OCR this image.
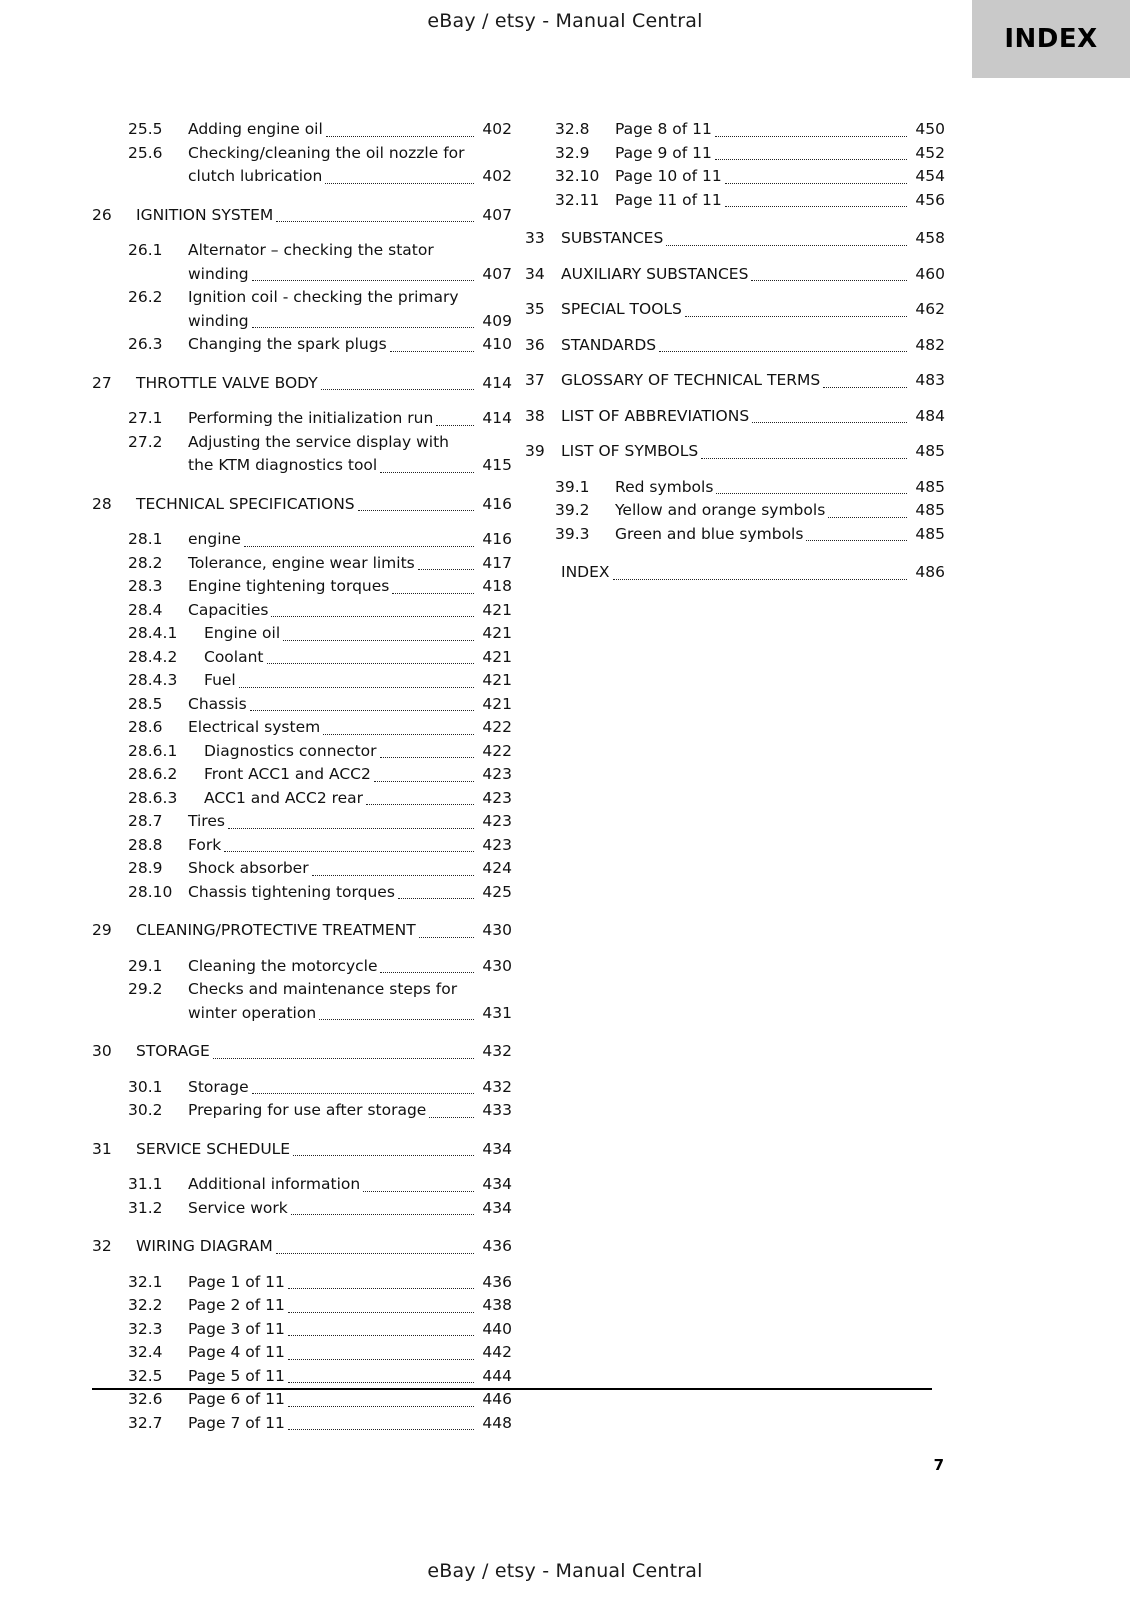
eBay / etsy - Manual Central
INDEX
25.5	Adding engine oil	402
25.6	Checking/cleaning the oil nozzle for
clutch lubrication	402
26	IGNITION SYSTEM	407
26.1	Alternator – checking the stator
winding	407
26.2	Ignition coil - checking the primary
winding	409
26.3	Changing the spark plugs	410
27	THROTTLE VALVE BODY	414
27.1	Performing the initialization run	414
27.2	Adjusting the service display with
the KTM diagnostics tool	415
28	TECHNICAL SPECIFICATIONS	416
28.1	engine	416
28.2	Tolerance, engine wear limits	417
28.3	Engine tightening torques	418
28.4	Capacities	421
28.4.1	Engine oil	421
28.4.2	Coolant	421
28.4.3	Fuel	421
28.5	Chassis	421
28.6	Electrical system	422
28.6.1	Diagnostics connector	422
28.6.2	Front ACC1 and ACC2	423
28.6.3	ACC1 and ACC2 rear	423
28.7	Tires	423
28.8	Fork	423
28.9	Shock absorber	424
28.10	Chassis tightening torques	425
29	CLEANING/PROTECTIVE TREATMENT	430
29.1	Cleaning the motorcycle	430
29.2	Checks and maintenance steps for
winter operation	431
30	STORAGE	432
30.1	Storage	432
30.2	Preparing for use after storage	433
31	SERVICE SCHEDULE	434
31.1	Additional information	434
31.2	Service work	434
32	WIRING DIAGRAM	436
32.1	Page 1 of 11	436
32.2	Page 2 of 11	438
32.3	Page 3 of 11	440
32.4	Page 4 of 11	442
32.5	Page 5 of 11	444
32.6	Page 6 of 11	446
32.7	Page 7 of 11	448
32.8	Page 8 of 11	450
32.9	Page 9 of 11	452
32.10	Page 10 of 11	454
32.11	Page 11 of 11	456
33	SUBSTANCES	458
34	AUXILIARY SUBSTANCES	460
35	SPECIAL TOOLS	462
36	STANDARDS	482
37	GLOSSARY OF TECHNICAL TERMS	483
38	LIST OF ABBREVIATIONS	484
39	LIST OF SYMBOLS	485
39.1	Red symbols	485
39.2	Yellow and orange symbols	485
39.3	Green and blue symbols	485
INDEX	486
7
eBay / etsy - Manual Central
